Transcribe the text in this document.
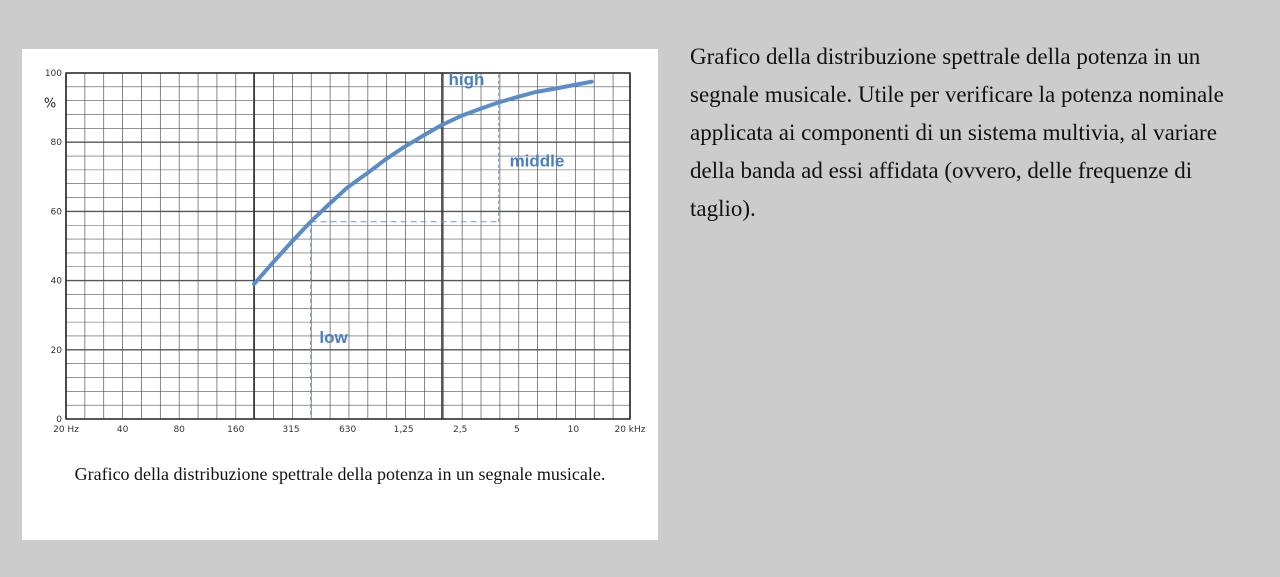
0
20
40
60
80
100
%
20 Hz	40	80	160	315	630	1,25	2,5	5	10	20 kHz
high
middle
low
Grafico della distribuzione spettrale della potenza in un segnale musicale.
Grafico della distribuzione spettrale della potenza in un segnale musicale. Utile per verificare la potenza nominale applicata ai componenti di un sistema multivia, al variare della banda ad essi affidata (ovvero, delle frequenze di taglio).
